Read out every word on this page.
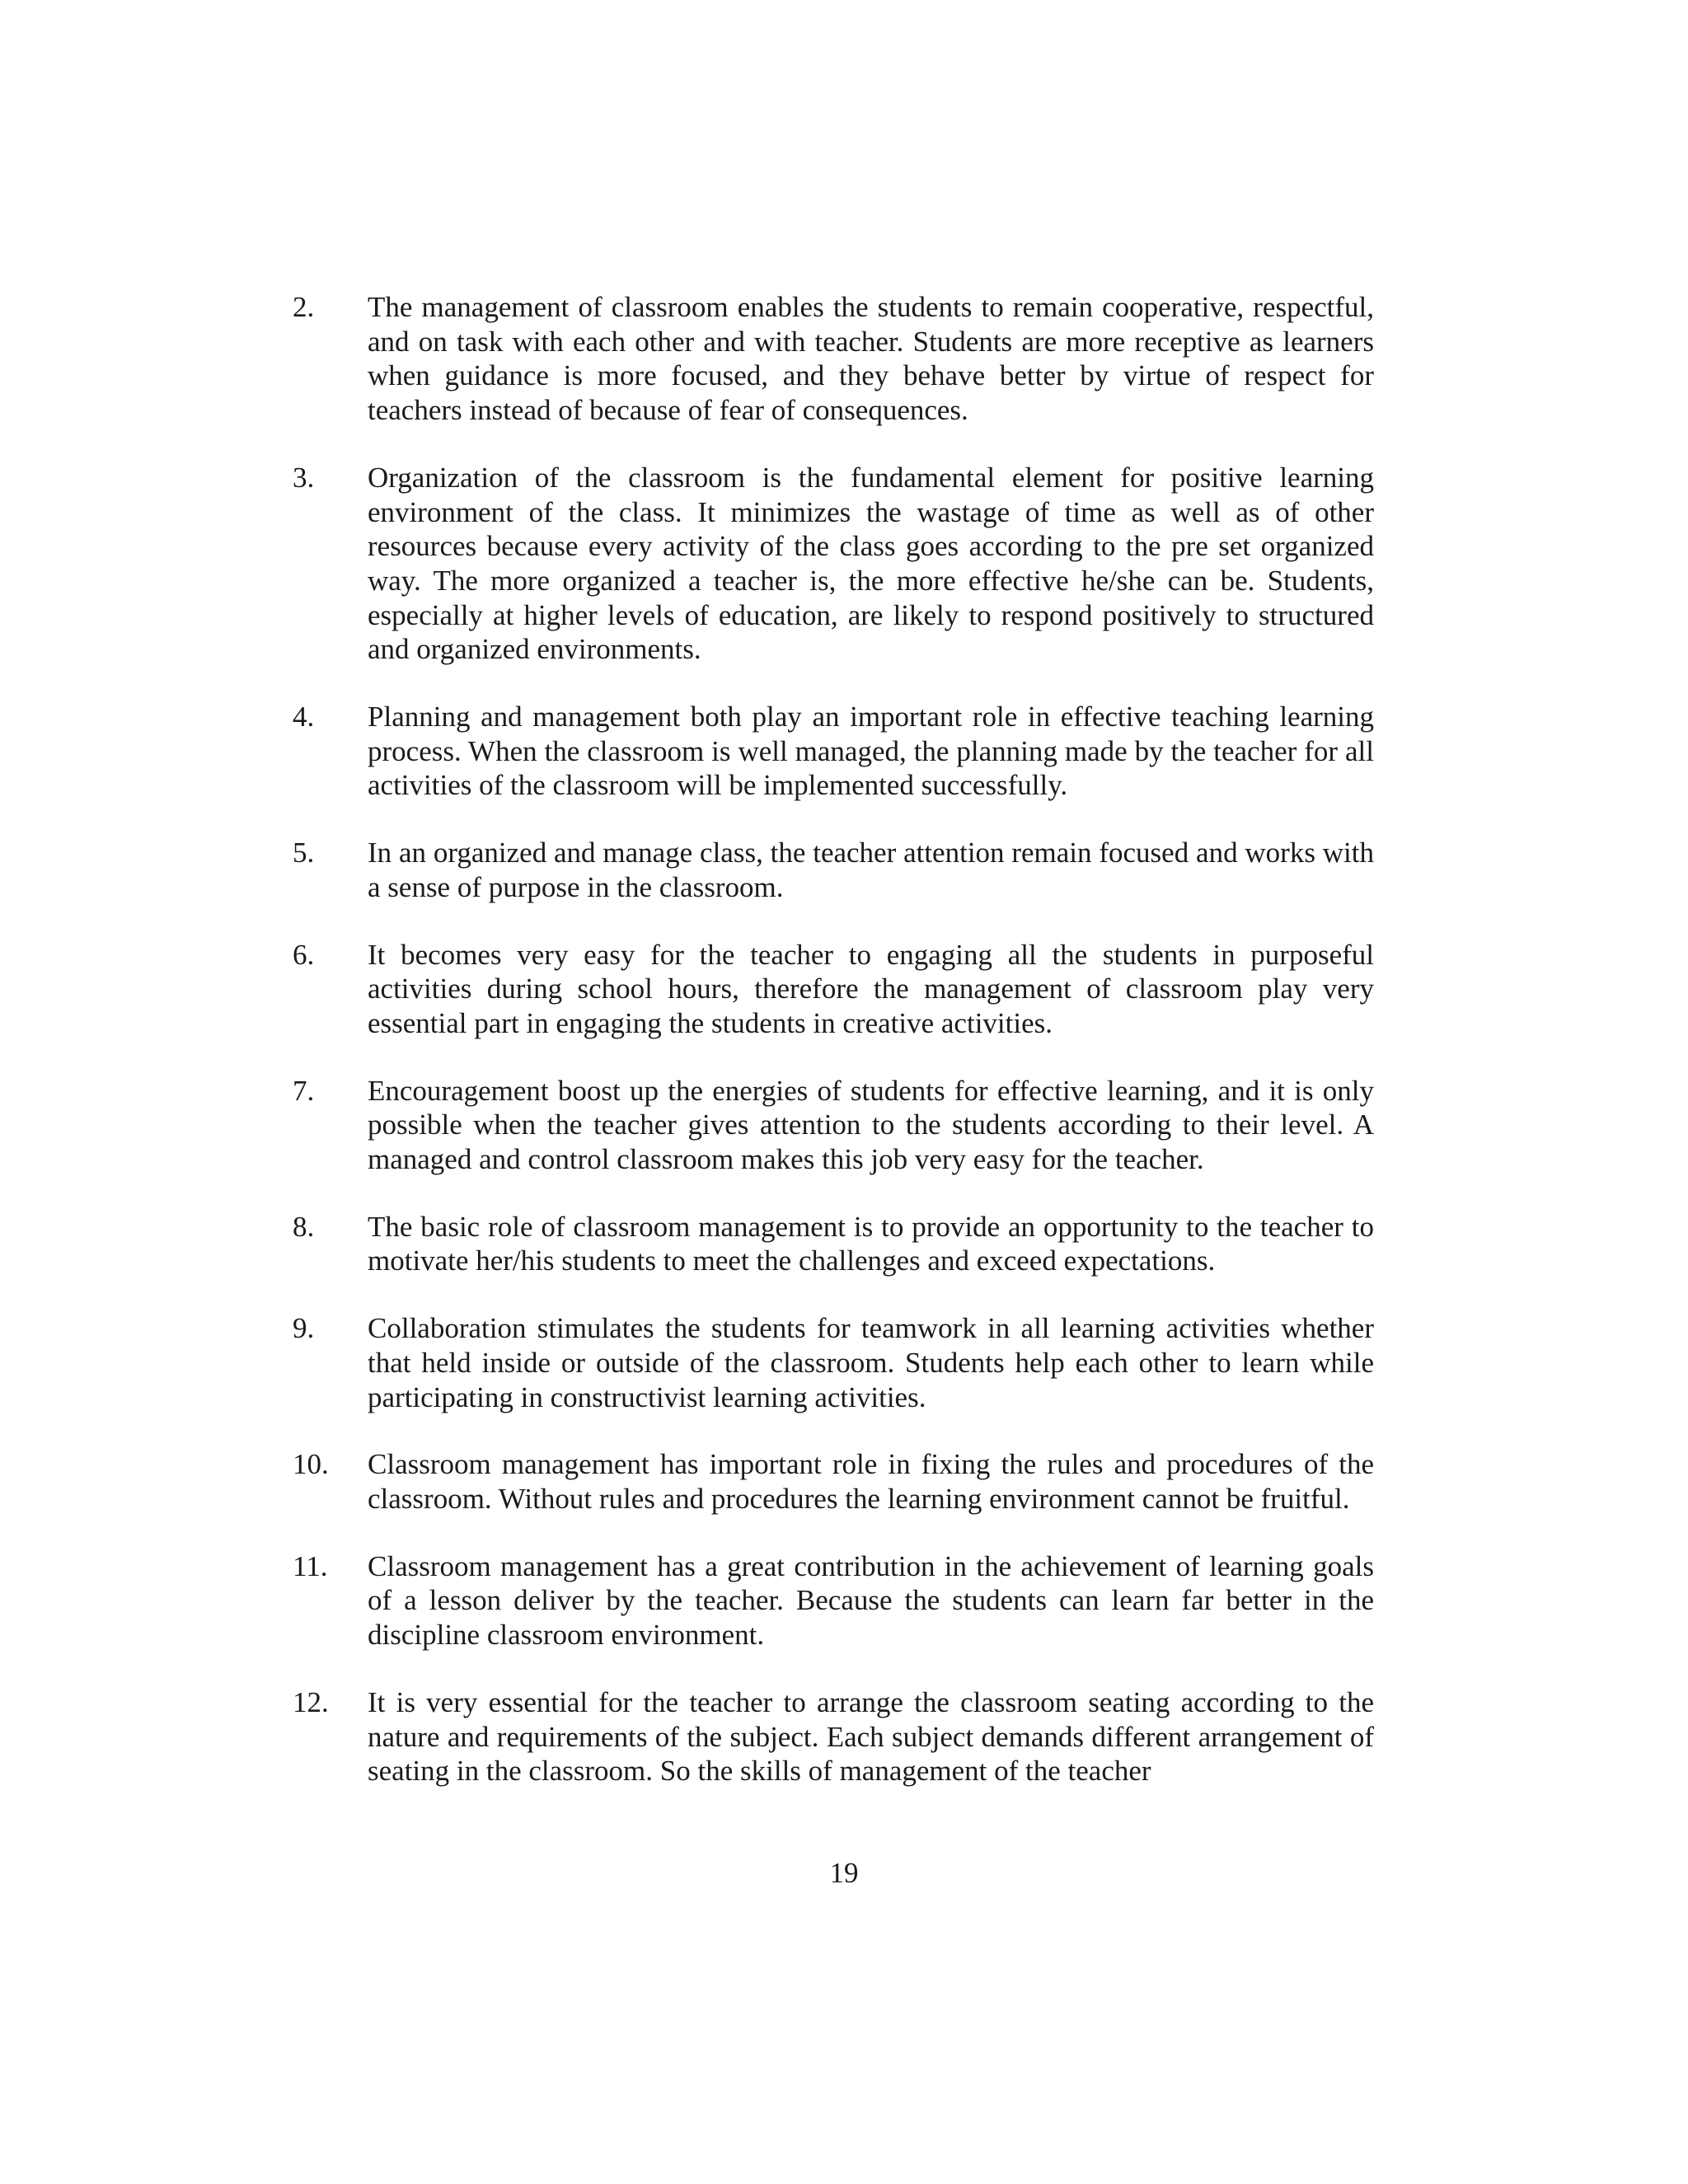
2.	The management of classroom enables the students to remain cooperative, respectful, and on task with each other and with teacher. Students are more receptive as learners when guidance is more focused, and they behave better by virtue of respect for teachers instead of because of fear of consequences.
3.	Organization of the classroom is the fundamental element for positive learning environment of the class. It minimizes the wastage of time as well as of other resources because every activity of the class goes according to the pre set organized way. The more organized a teacher is, the more effective he/she can be. Students, especially at higher levels of education, are likely to respond positively to structured and organized environments.
4.	Planning and management both play an important role in effective teaching learning process. When the classroom is well managed, the planning made by the teacher for all activities of the classroom will be implemented successfully.
5.	In an organized and manage class, the teacher attention remain focused and works with a sense of purpose in the classroom.
6.	It becomes very easy for the teacher to engaging all the students in purposeful activities during school hours, therefore the management of classroom play very essential part in engaging the students in creative activities.
7.	Encouragement boost up the energies of students for effective learning, and it is only possible when the teacher gives attention to the students according to their level. A managed and control classroom makes this job very easy for the teacher.
8.	The basic role of classroom management is to provide an opportunity to the teacher to motivate her/his students to meet the challenges and exceed expectations.
9.	Collaboration stimulates the students for teamwork in all learning activities whether that held inside or outside of the classroom. Students help each other to learn while participating in constructivist learning activities.
10.	Classroom management has important role in fixing the rules and procedures of the classroom. Without rules and procedures the learning environment cannot be fruitful.
11.	Classroom management has a great contribution in the achievement of learning goals of a lesson deliver by the teacher. Because the students can learn far better in the discipline classroom environment.
12.	It is very essential for the teacher to arrange the classroom seating according to the nature and requirements of the subject. Each subject demands different arrangement of seating in the classroom. So the skills of management of the teacher
19
